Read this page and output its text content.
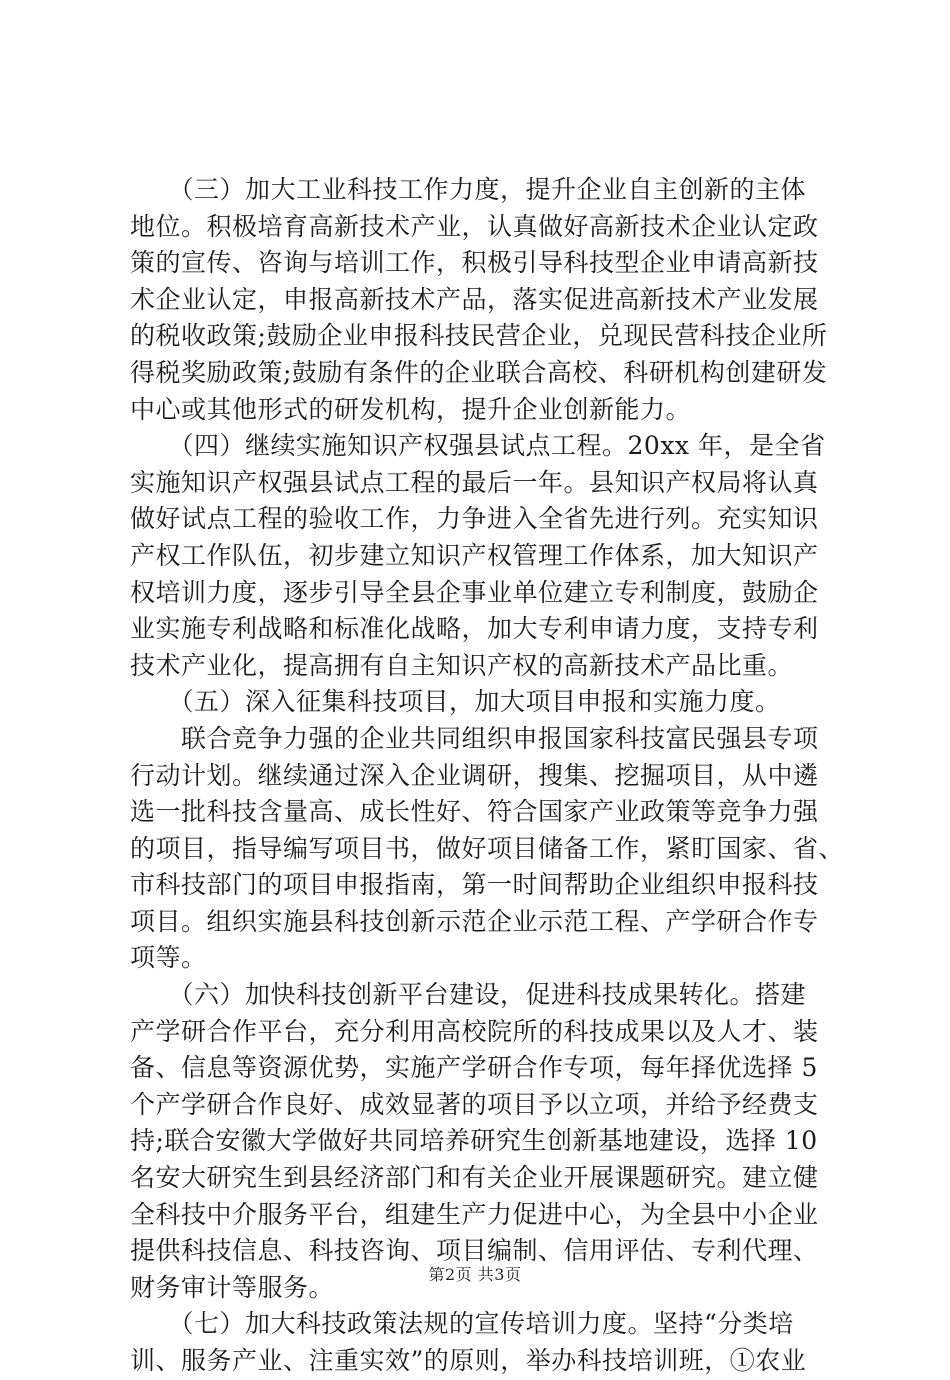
　　（三）加大工业科技工作力度，提升企业自主创新的主体
地位。积极培育高新技术产业，认真做好高新技术企业认定政
策的宣传、咨询与培训工作，积极引导科技型企业申请高新技
术企业认定，申报高新技术产品，落实促进高新技术产业发展
的税收政策;鼓励企业申报科技民营企业，兑现民营科技企业所
得税奖励政策;鼓励有条件的企业联合高校、科研机构创建研发
中心或其他形式的研发机构，提升企业创新能力。
　　（四）继续实施知识产权强县试点工程。20xx 年，是全省
实施知识产权强县试点工程的最后一年。县知识产权局将认真
做好试点工程的验收工作，力争进入全省先进行列。充实知识
产权工作队伍，初步建立知识产权管理工作体系，加大知识产
权培训力度，逐步引导全县企事业单位建立专利制度，鼓励企
业实施专利战略和标准化战略，加大专利申请力度，支持专利
技术产业化，提高拥有自主知识产权的高新技术产品比重。
　　（五）深入征集科技项目，加大项目申报和实施力度。
　　联合竞争力强的企业共同组织申报国家科技富民强县专项
行动计划。继续通过深入企业调研，搜集、挖掘项目，从中遴
选一批科技含量高、成长性好、符合国家产业政策等竞争力强
的项目，指导编写项目书，做好项目储备工作，紧盯国家、省、
市科技部门的项目申报指南，第一时间帮助企业组织申报科技
项目。组织实施县科技创新示范企业示范工程、产学研合作专
项等。
　　（六）加快科技创新平台建设，促进科技成果转化。搭建
产学研合作平台，充分利用高校院所的科技成果以及人才、装
备、信息等资源优势，实施产学研合作专项，每年择优选择 5
个产学研合作良好、成效显著的项目予以立项，并给予经费支
持;联合安徽大学做好共同培养研究生创新基地建设，选择 10
名安大研究生到县经济部门和有关企业开展课题研究。建立健
全科技中介服务平台，组建生产力促进中心，为全县中小企业
提供科技信息、科技咨询、项目编制、信用评估、专利代理、
财务审计等服务。
　　（七）加大科技政策法规的宣传培训力度。坚持“分类培
训、服务产业、注重实效”的原则，举办科技培训班，①农业
第2页 共3页
